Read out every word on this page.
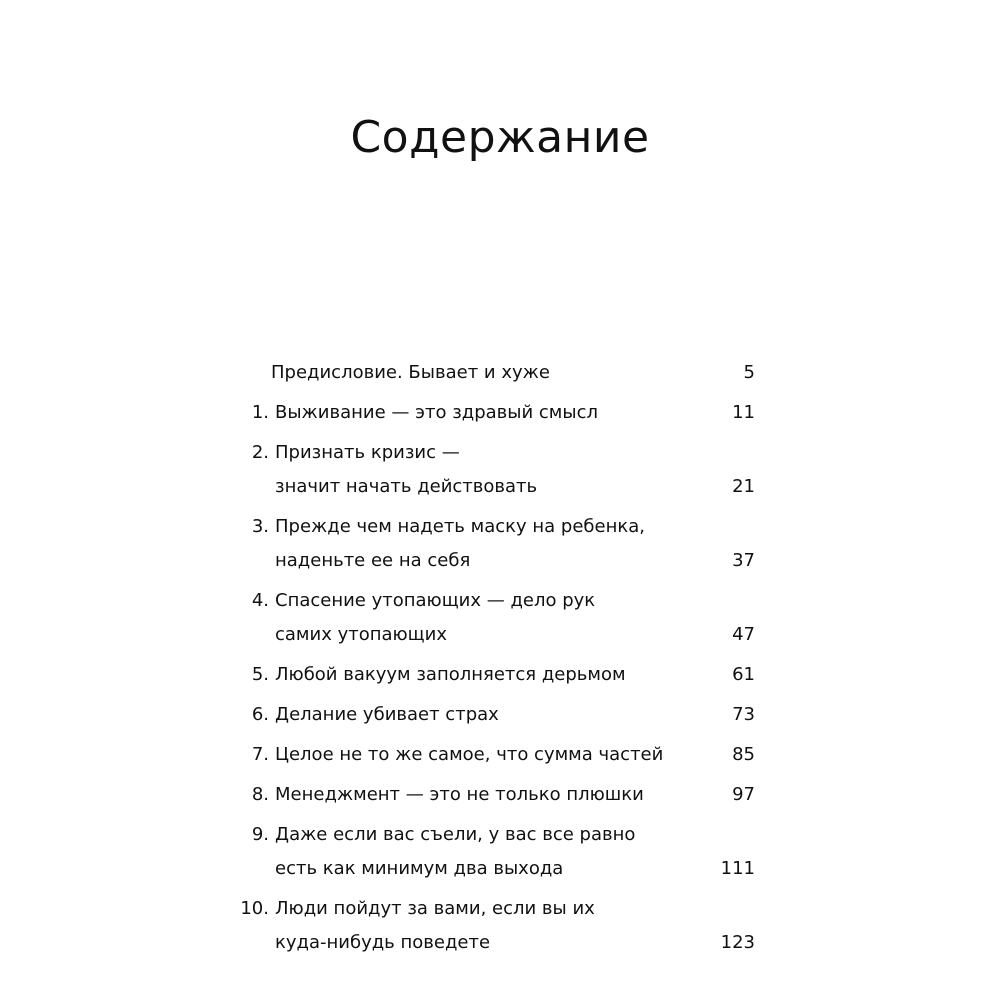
Содержание
Предисловие. Бывает и хуже	5
1. Выживание — это здравый смысл	11
2. Признать кризис —
значит начать действовать	21
3. Прежде чем надеть маску на ребенка,
наденьте ее на себя	37
4. Спасение утопающих — дело рук
самих утопающих	47
5. Любой вакуум заполняется дерьмом	61
6. Делание убивает страх	73
7. Целое не то же самое, что сумма частей	85
8. Менеджмент — это не только плюшки	97
9. Даже если вас съели, у вас все равно
есть как минимум два выхода	111
10. Люди пойдут за вами, если вы их
куда-нибудь поведете	123
